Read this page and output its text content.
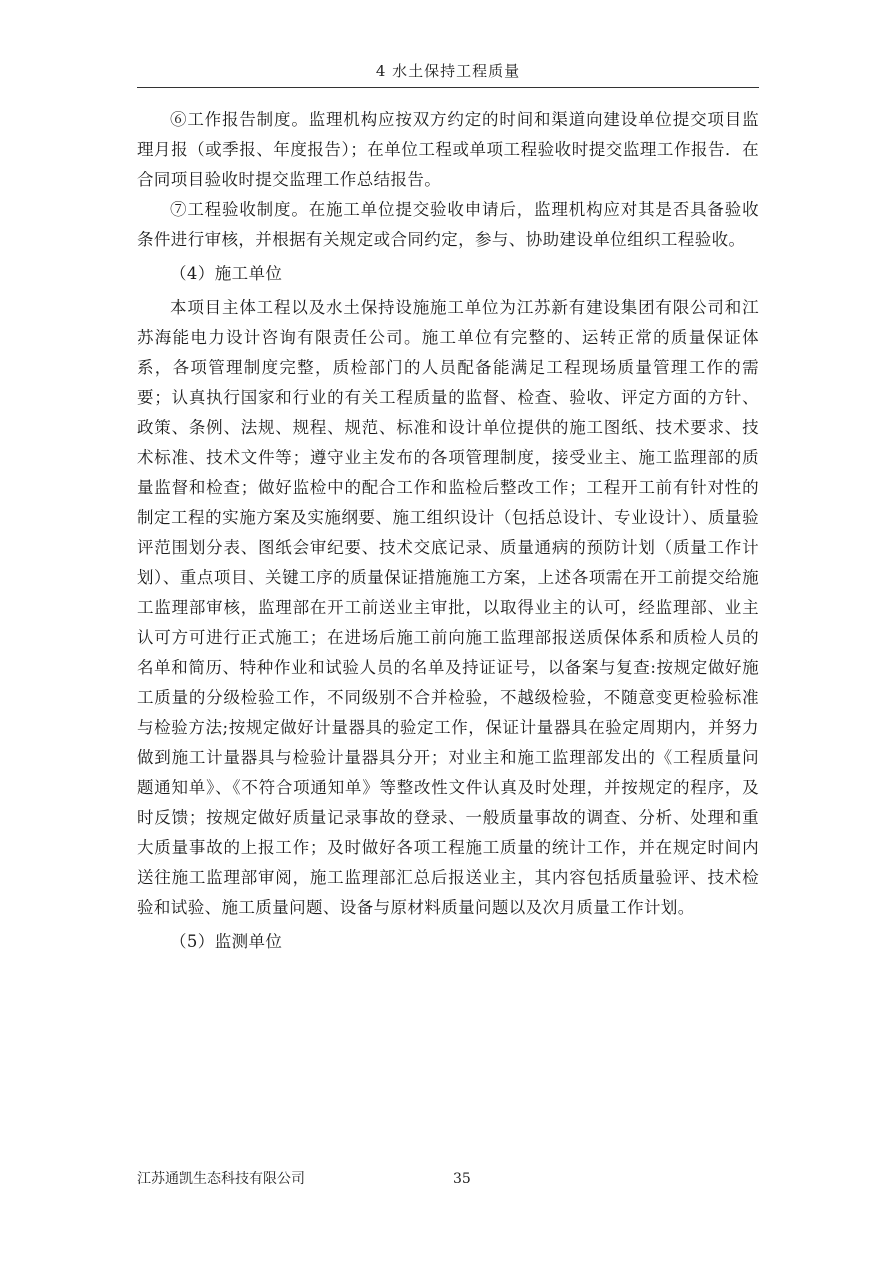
4 水土保持工程质量

⑥工作报告制度。监理机构应按双方约定的时间和渠道向建设单位提交项目监理月报（或季报、年度报告）；在单位工程或单项工程验收时提交监理工作报告．在合同项目验收时提交监理工作总结报告。

⑦工程验收制度。在施工单位提交验收申请后，监理机构应对其是否具备验收条件进行审核，并根据有关规定或合同约定，参与、协助建设单位组织工程验收。

（4）施工单位

本项目主体工程以及水土保持设施施工单位为江苏新有建设集团有限公司和江苏海能电力设计咨询有限责任公司。施工单位有完整的、运转正常的质量保证体系，各项管理制度完整，质检部门的人员配备能满足工程现场质量管理工作的需要；认真执行国家和行业的有关工程质量的监督、检查、验收、评定方面的方针、政策、条例、法规、规程、规范、标准和设计单位提供的施工图纸、技术要求、技术标准、技术文件等；遵守业主发布的各项管理制度，接受业主、施工监理部的质量监督和检查；做好监检中的配合工作和监检后整改工作；工程开工前有针对性的制定工程的实施方案及实施纲要、施工组织设计（包括总设计、专业设计）、质量验评范围划分表、图纸会审纪要、技术交底记录、质量通病的预防计划（质量工作计划）、重点项目、关键工序的质量保证措施施工方案，上述各项需在开工前提交给施工监理部审核，监理部在开工前送业主审批，以取得业主的认可，经监理部、业主认可方可进行正式施工；在进场后施工前向施工监理部报送质保体系和质检人员的名单和简历、特种作业和试验人员的名单及持证证号，以备案与复查:按规定做好施工质量的分级检验工作，不同级别不合并检验，不越级检验，不随意变更检验标准与检验方法;按规定做好计量器具的验定工作，保证计量器具在验定周期内，并努力做到施工计量器具与检验计量器具分开；对业主和施工监理部发出的《工程质量问题通知单》、《不符合项通知单》等整改性文件认真及时处理，并按规定的程序，及时反馈；按规定做好质量记录事故的登录、一般质量事故的调查、分析、处理和重大质量事故的上报工作；及时做好各项工程施工质量的统计工作，并在规定时间内送往施工监理部审阅，施工监理部汇总后报送业主，其内容包括质量验评、技术检验和试验、施工质量问题、设备与原材料质量问题以及次月质量工作计划。

（5）监测单位

江苏通凯生态科技有限公司	35
